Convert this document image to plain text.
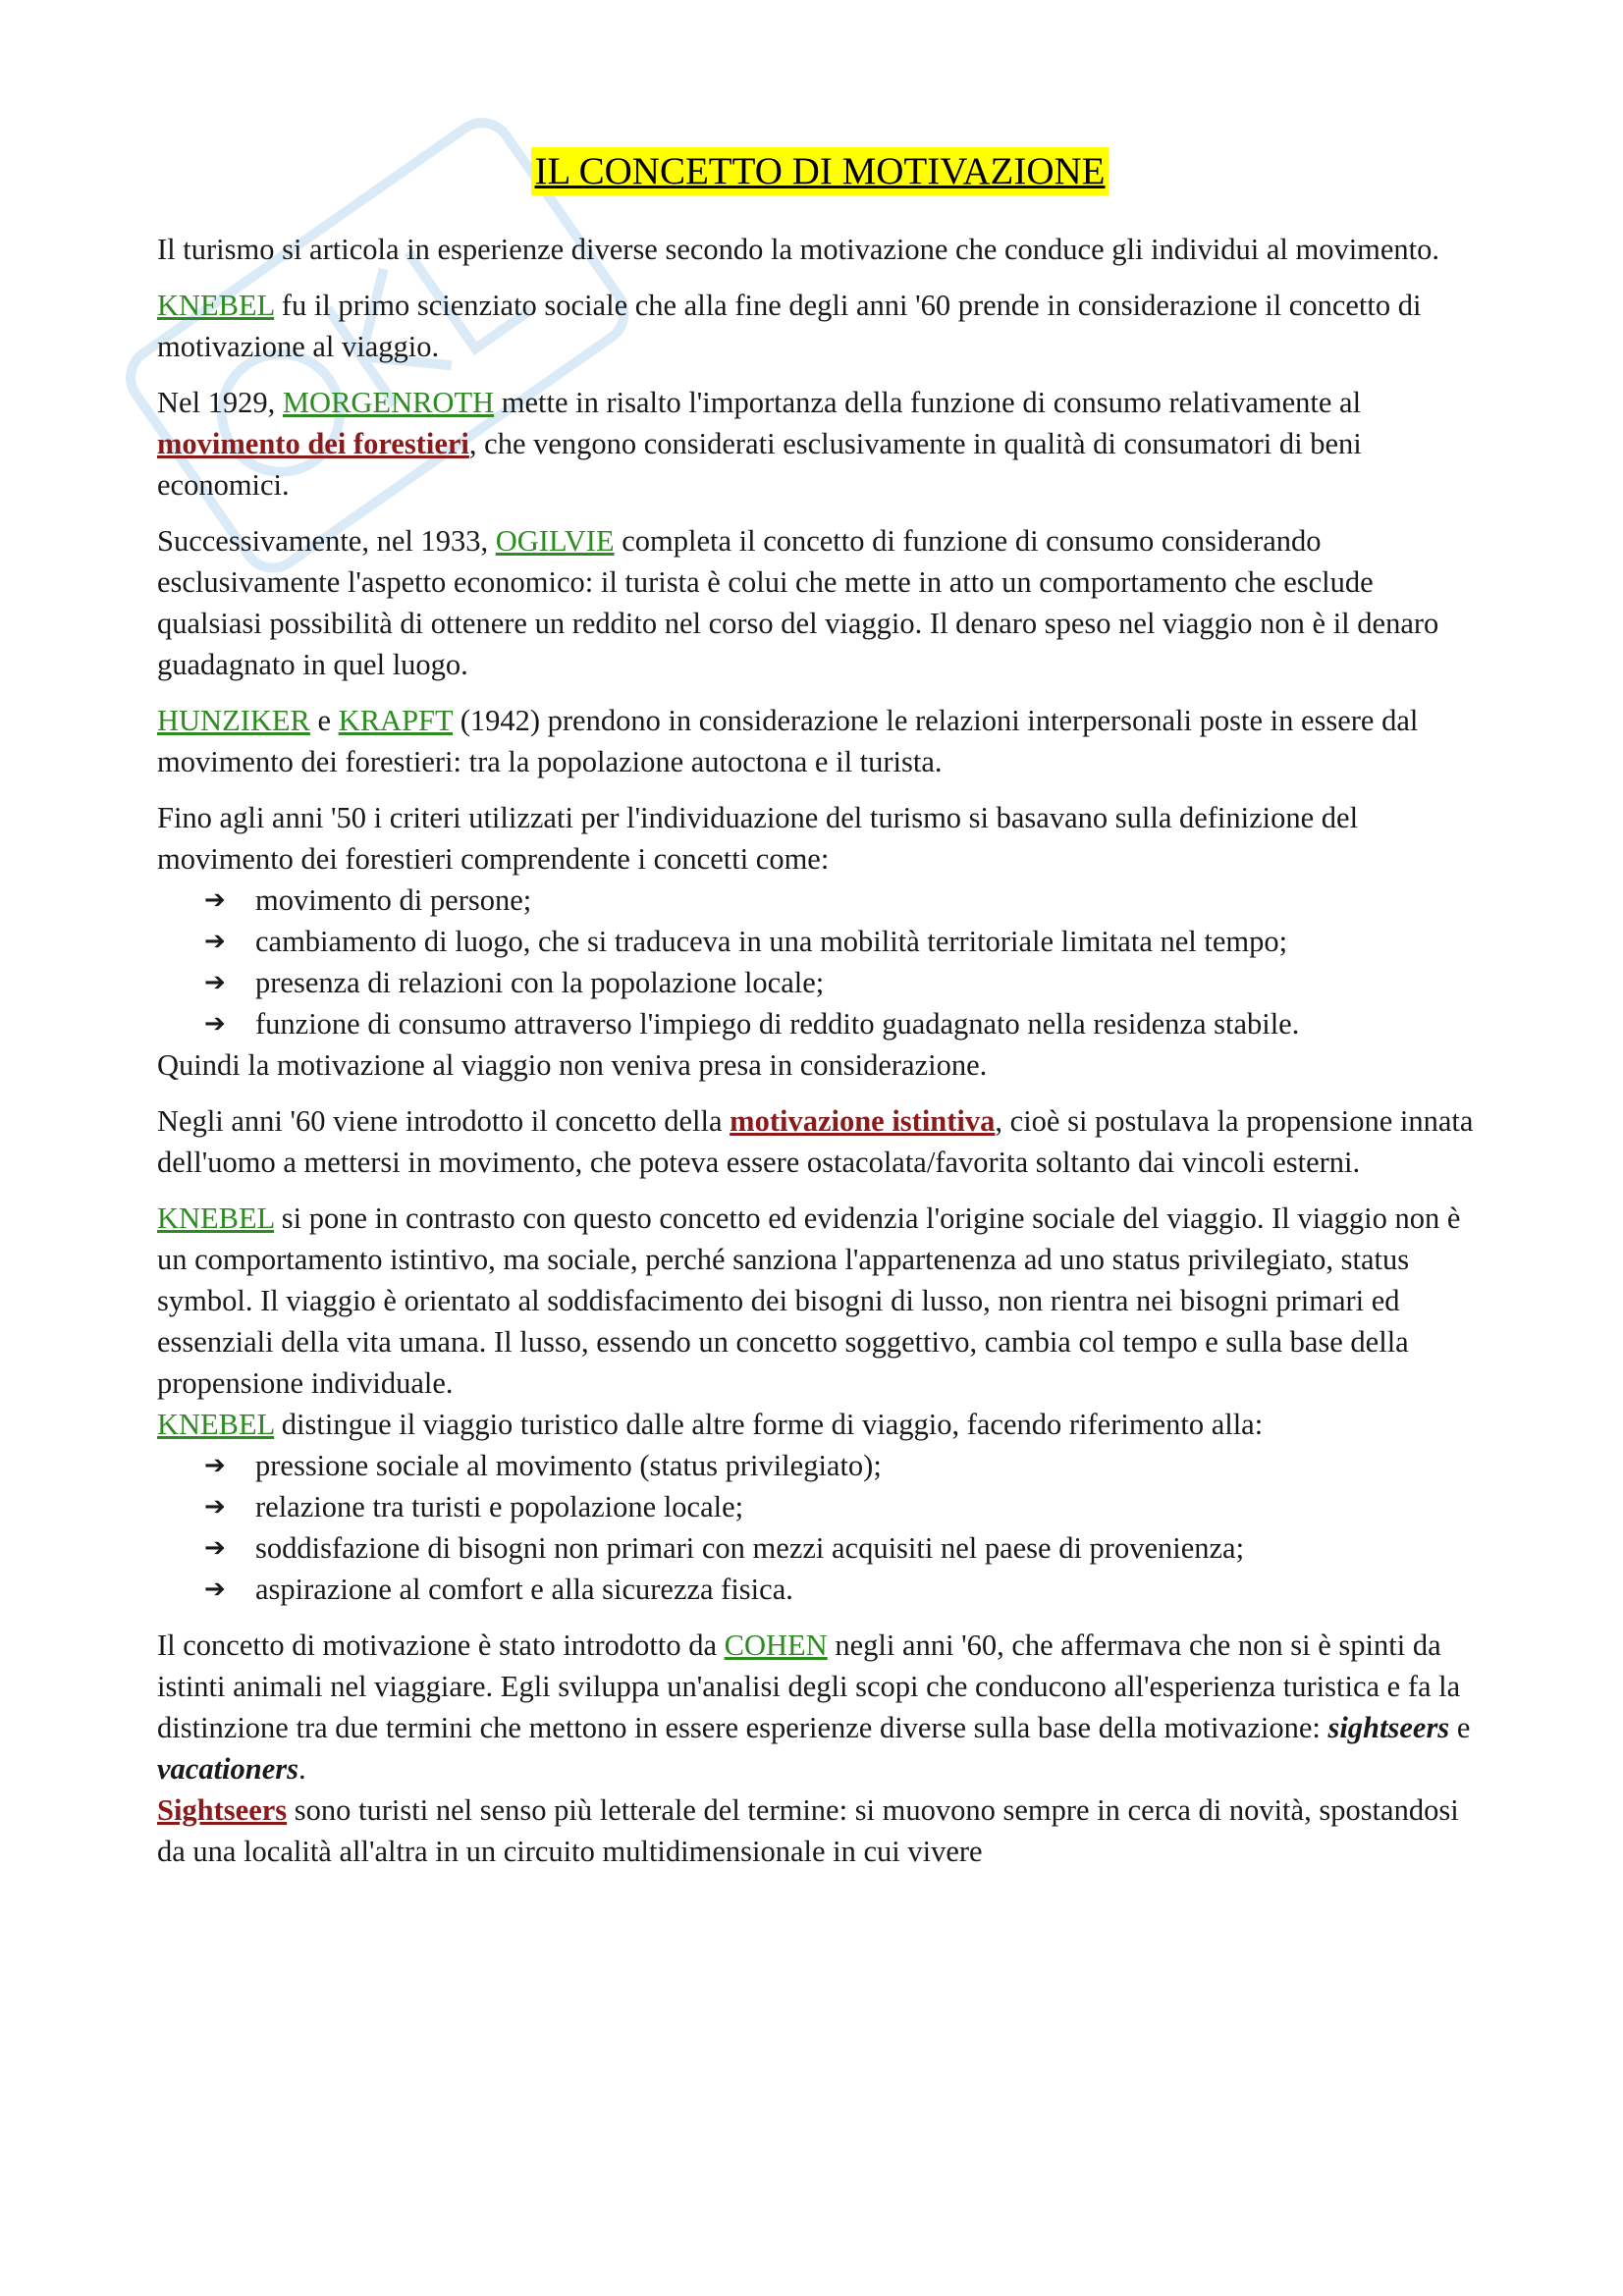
IL CONCETTO DI MOTIVAZIONE

Il turismo si articola in esperienze diverse secondo la motivazione che conduce gli individui al movimento.

KNEBEL fu il primo scienziato sociale che alla fine degli anni '60 prende in considerazione il concetto di motivazione al viaggio.

Nel 1929, MORGENROTH mette in risalto l'importanza della funzione di consumo relativamente al movimento dei forestieri, che vengono considerati esclusivamente in qualità di consumatori di beni economici.

Successivamente, nel 1933, OGILVIE completa il concetto di funzione di consumo considerando esclusivamente l'aspetto economico: il turista è colui che mette in atto un comportamento che esclude qualsiasi possibilità di ottenere un reddito nel corso del viaggio. Il denaro speso nel viaggio non è il denaro guadagnato in quel luogo.

HUNZIKER e KRAPFT (1942) prendono in considerazione le relazioni interpersonali poste in essere dal movimento dei forestieri: tra la popolazione autoctona e il turista.

Fino agli anni '50 i criteri utilizzati per l'individuazione del turismo si basavano sulla definizione del movimento dei forestieri comprendente i concetti come:

➔ movimento di persone;
➔ cambiamento di luogo, che si traduceva in una mobilità territoriale limitata nel tempo;
➔ presenza di relazioni con la popolazione locale;
➔ funzione di consumo attraverso l'impiego di reddito guadagnato nella residenza stabile.

Quindi la motivazione al viaggio non veniva presa in considerazione.

Negli anni '60 viene introdotto il concetto della motivazione istintiva, cioè si postulava la propensione innata dell'uomo a mettersi in movimento, che poteva essere ostacolata/favorita soltanto dai vincoli esterni.

KNEBEL si pone in contrasto con questo concetto ed evidenzia l'origine sociale del viaggio. Il viaggio non è un comportamento istintivo, ma sociale, perché sanziona l'appartenenza ad uno status privilegiato, status symbol. Il viaggio è orientato al soddisfacimento dei bisogni di lusso, non rientra nei bisogni primari ed essenziali della vita umana. Il lusso, essendo un concetto soggettivo, cambia col tempo e sulla base della propensione individuale.

KNEBEL distingue il viaggio turistico dalle altre forme di viaggio, facendo riferimento alla:

➔ pressione sociale al movimento (status privilegiato);
➔ relazione tra turisti e popolazione locale;
➔ soddisfazione di bisogni non primari con mezzi acquisiti nel paese di provenienza;
➔ aspirazione al comfort e alla sicurezza fisica.

Il concetto di motivazione è stato introdotto da COHEN negli anni '60, che affermava che non si è spinti da istinti animali nel viaggiare. Egli sviluppa un'analisi degli scopi che conducono all'esperienza turistica e fa la distinzione tra due termini che mettono in essere esperienze diverse sulla base della motivazione: sightseers e vacationers.

Sightseers sono turisti nel senso più letterale del termine: si muovono sempre in cerca di novità, spostandosi da una località all'altra in un circuito multidimensionale in cui vivere
